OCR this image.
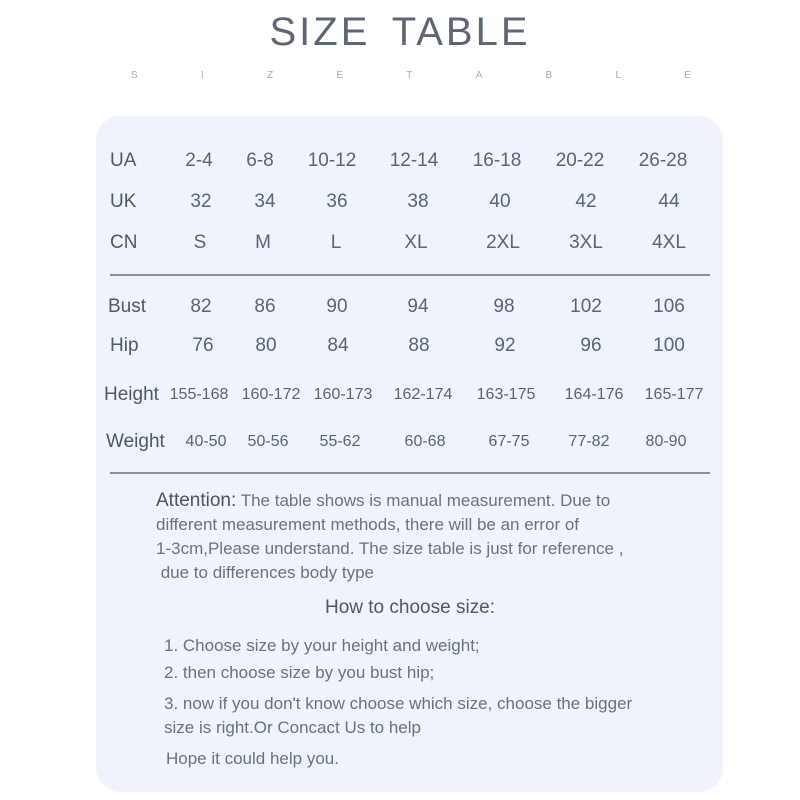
SIZE TABLE
S	I	Z	E	T	A	B	L	E
UA	2-4 6-8 10-12 12-14 16-18 20-22 26-28
UK	32 34	36	38	40	42	44
CN	S	M	L	XL	2XL	3XL	4XL
Bust 82 86	90	94	98	102	106
Hip	76 80	84	88	92	96	100
Height 155-168 160-172 160-173 162-174 163-175 164-176 165-177
Weight 40-50 50-56 55-62	60-68	67-75 77-82 80-90
Attention: The table shows is manual measurement. Due to
different measurement methods, there will be an error of
1-3cm,Please understand. The size table is just for reference ,
due to differences body type
How to choose size:
1. Choose size by your height and weight;
2. then choose size by you bust hip;
3. now if you don't know choose which size, choose the bigger
size is right.Or Concact Us to help
Hope it could help you.
